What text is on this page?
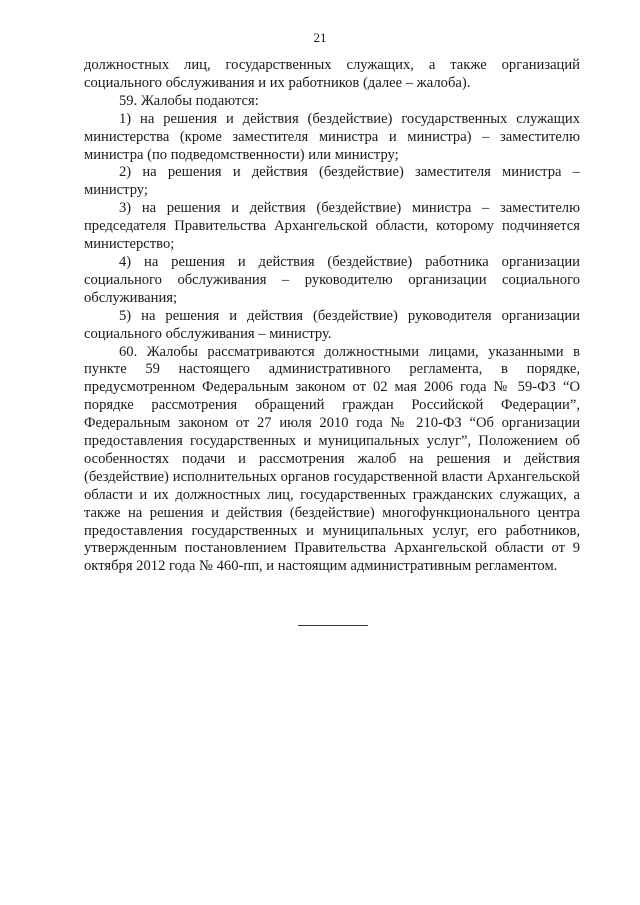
21

должностных лиц, государственных служащих, а также организаций социального обслуживания и их работников (далее – жалоба).

59. Жалобы подаются:

1) на решения и действия (бездействие) государственных служащих министерства (кроме заместителя министра и министра) – заместителю министра (по подведомственности) или министру;

2) на решения и действия (бездействие) заместителя министра – министру;

3) на решения и действия (бездействие) министра – заместителю председателя Правительства Архангельской области, которому подчиняется министерство;

4) на решения и действия (бездействие) работника организации социального обслуживания – руководителю организации социального обслуживания;

5) на решения и действия (бездействие) руководителя организации социального обслуживания – министру.

60. Жалобы рассматриваются должностными лицами, указанными в пункте 59 настоящего административного регламента, в порядке, предусмотренном Федеральным законом от 02 мая 2006 года № 59-ФЗ “О порядке рассмотрения обращений граждан Российской Федерации”, Федеральным законом от 27 июля 2010 года № 210-ФЗ “Об организации предоставления государственных и муниципальных услуг”, Положением об особенностях подачи и рассмотрения жалоб на решения и действия (бездействие) исполнительных органов государственной власти Архангельской области и их должностных лиц, государственных гражданских служащих, а также на решения и действия (бездействие) многофункционального центра предоставления государственных и муниципальных услуг, его работников, утвержденным постановлением Правительства Архангельской области от 9 октября 2012 года № 460-пп, и настоящим административным регламентом.
